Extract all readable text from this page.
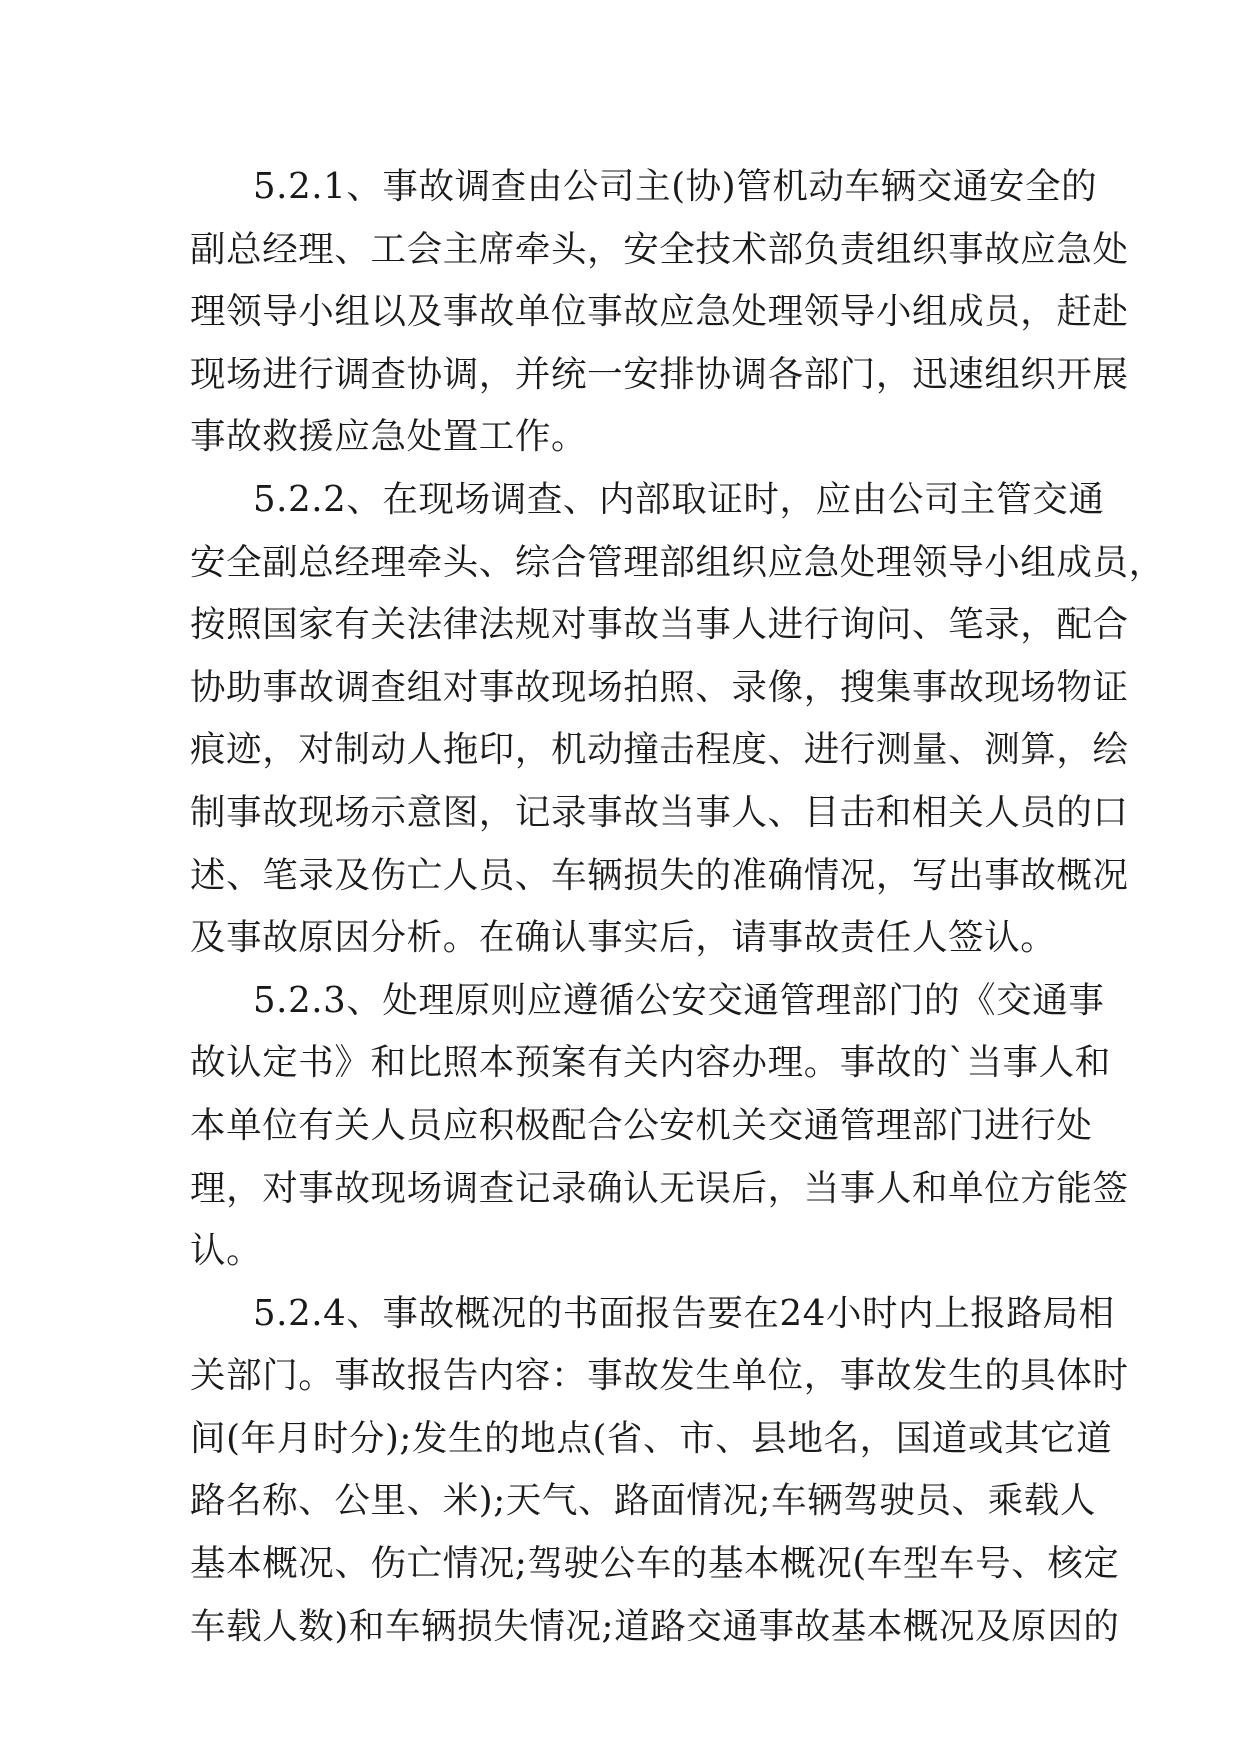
5.2.1、事故调查由公司主(协)管机动车辆交通安全的
副总经理、工会主席牵头，安全技术部负责组织事故应急处
理领导小组以及事故单位事故应急处理领导小组成员，赶赴
现场进行调查协调，并统一安排协调各部门，迅速组织开展
事故救援应急处置工作。
5.2.2、在现场调查、内部取证时，应由公司主管交通
安全副总经理牵头、综合管理部组织应急处理领导小组成员，
按照国家有关法律法规对事故当事人进行询问、笔录，配合
协助事故调查组对事故现场拍照、录像，搜集事故现场物证
痕迹，对制动人拖印，机动撞击程度、进行测量、测算，绘
制事故现场示意图，记录事故当事人、目击和相关人员的口
述、笔录及伤亡人员、车辆损失的准确情况，写出事故概况
及事故原因分析。在确认事实后，请事故责任人签认。
5.2.3、处理原则应遵循公安交通管理部门的《交通事
故认定书》和比照本预案有关内容办理。事故的`当事人和
本单位有关人员应积极配合公安机关交通管理部门进行处
理，对事故现场调查记录确认无误后，当事人和单位方能签
认。
5.2.4、事故概况的书面报告要在24小时内上报路局相
关部门。事故报告内容：事故发生单位，事故发生的具体时
间(年月时分);发生的地点(省、市、县地名，国道或其它道
路名称、公里、米);天气、路面情况;车辆驾驶员、乘载人
基本概况、伤亡情况;驾驶公车的基本概况(车型车号、核定
车载人数)和车辆损失情况;道路交通事故基本概况及原因的
